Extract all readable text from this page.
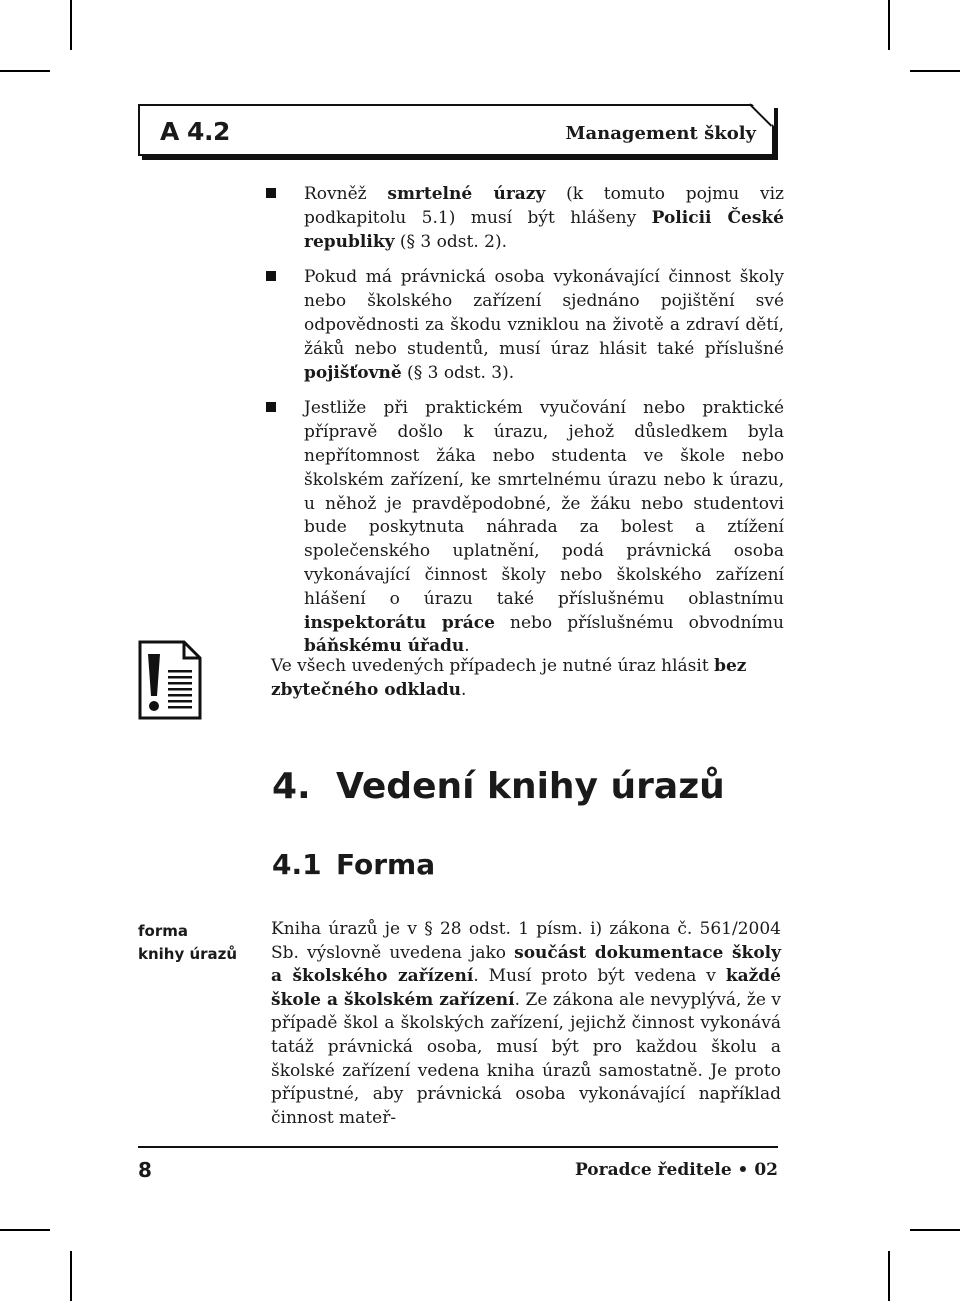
A 4.2	Management školy

Rovněž smrtelné úrazy (k tomuto pojmu viz podkapitolu 5.1) musí být hlášeny Policii České republiky (§ 3 odst. 2).

Pokud má právnická osoba vykonávající činnost školy nebo školského zařízení sjednáno pojištění své odpovědnosti za škodu vzniklou na životě a zdraví dětí, žáků nebo studentů, musí úraz hlásit také příslušné pojišťovně (§ 3 odst. 3).

Jestliže při praktickém vyučování nebo praktické přípravě došlo k úrazu, jehož důsledkem byla nepřítomnost žáka nebo studenta ve škole nebo školském zařízení, ke smrtelnému úrazu nebo k úrazu, u něhož je pravděpodobné, že žáku nebo studentovi bude poskytnuta náhrada za bolest a ztížení společenského uplatnění, podá právnická osoba vykonávající činnost školy nebo školského zařízení hlášení o úrazu také příslušnému oblastnímu inspektorátu práce nebo příslušnému obvodnímu báňskému úřadu.

Ve všech uvedených případech je nutné úraz hlásit bez zbytečného odkladu.

4. Vedení knihy úrazů
4.1 Forma
forma
knihy úrazů

Kniha úrazů je v § 28 odst. 1 písm. i) zákona č. 561/2004 Sb. výslovně uvedena jako součást dokumentace školy a školského zařízení. Musí proto být vedena v každé škole a školském zařízení. Ze zákona ale nevyplývá, že v případě škol a školských zařízení, jejichž činnost vykonává tatáž právnická osoba, musí být pro každou školu a školské zařízení vedena kniha úrazů samostatně. Je proto přípustné, aby právnická osoba vykonávající například činnost mateř-

8	Poradce ředitele • 02
